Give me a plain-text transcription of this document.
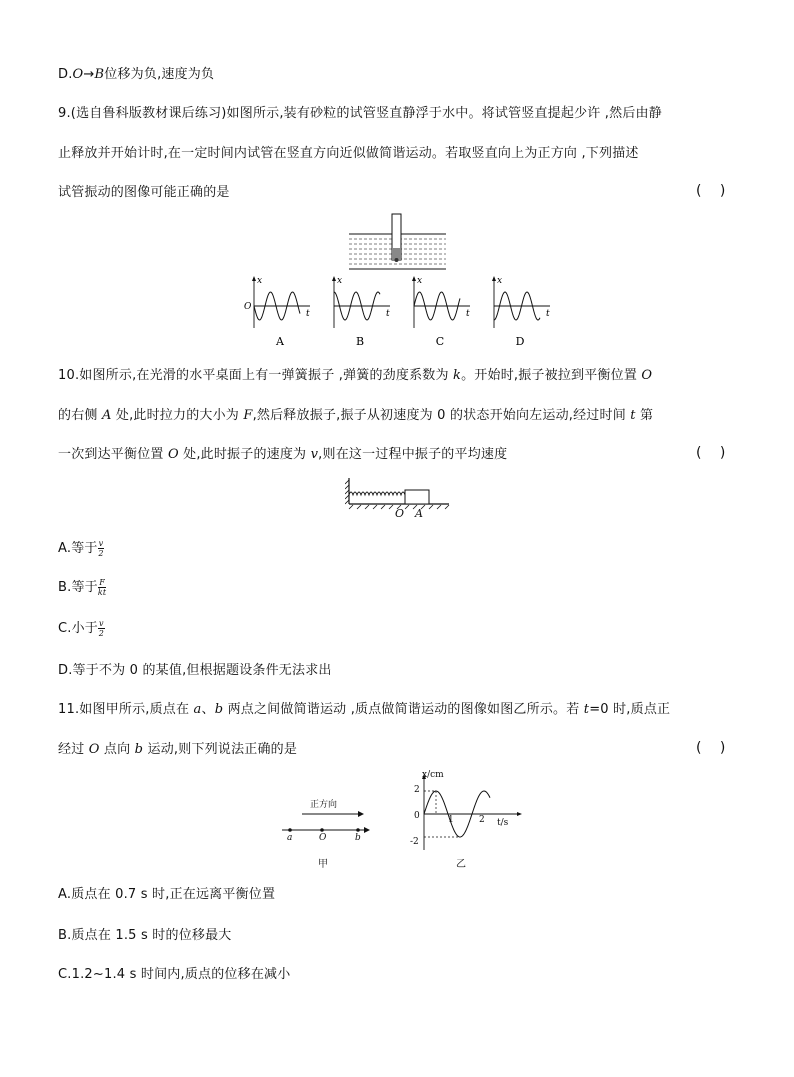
D.O→B位移为负,速度为负
9.(选自鲁科版教材课后练习)如图所示,装有砂粒的试管竖直静浮于水中。将试管竖直提起少许 ,然后由静
止释放并开始计时,在一定时间内试管在竖直方向近似做简谐运动。若取竖直向上为正方向 ,下列描述
试管振动的图像可能正确的是	(　 )
x
t
O
A
x
t
B
x
t
C
x
t
D
10.如图所示,在光滑的水平桌面上有一弹簧振子 ,弹簧的劲度系数为 k。开始时,振子被拉到平衡位置 O
的右侧 A 处,此时拉力的大小为 F,然后释放振子,振子从初速度为 0 的状态开始向左运动,经过时间 t 第
一次到达平衡位置 O 处,此时振子的速度为 v,则在这一过程中振子的平均速度	(　 )
O A
A.等于 $\frac{v}{2}$
B.等于 $\frac{F}{kt}$
C.小于 $\frac{v}{2}$
D.等于不为 0 的某值,但根据题设条件无法求出
11.如图甲所示,质点在 a、b 两点之间做简谐运动 ,质点做简谐运动的图像如图乙所示。若 t=0 时,质点正
经过 O 点向 b 运动,则下列说法正确的是	(　 )
正方向
a	O	b
甲
x/cm
t/s
2
0
-2
1	2
乙
A.质点在 0.7 s 时,正在远离平衡位置
B.质点在 1.5 s 时的位移最大
C.1.2~1.4 s 时间内,质点的位移在减小
